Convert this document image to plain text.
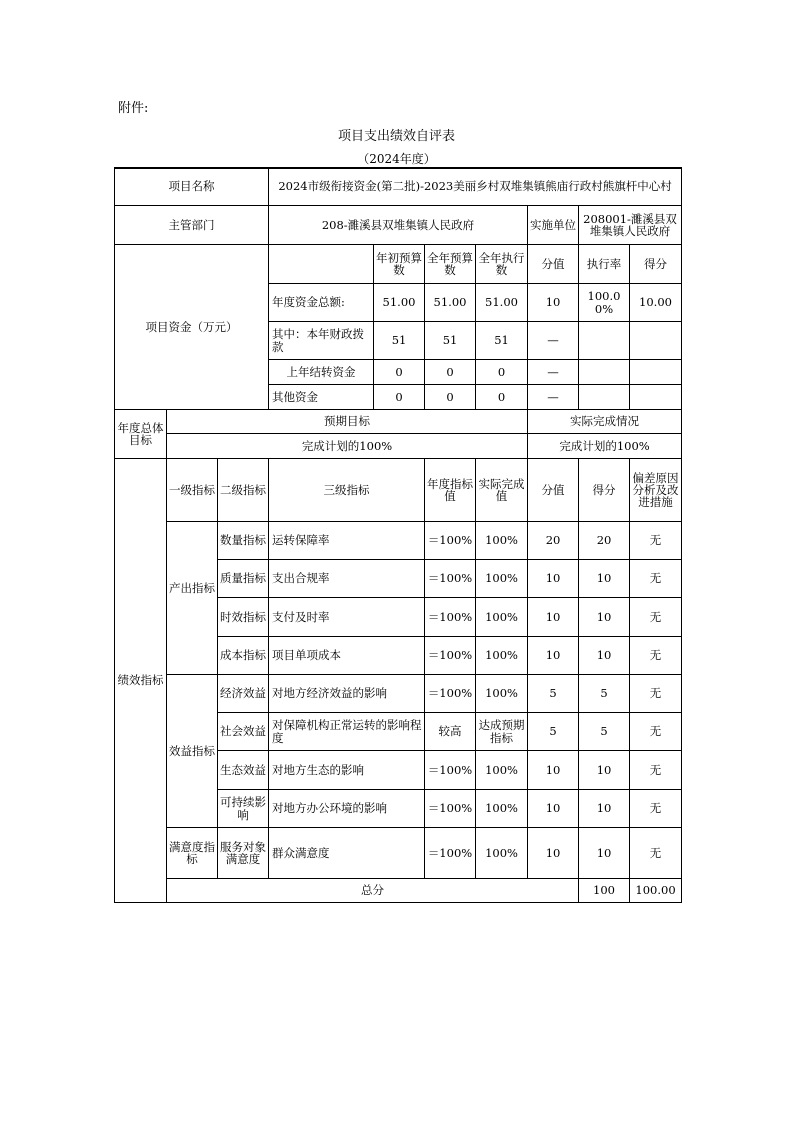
附件:
项目支出绩效自评表
（2024年度）
项目名称			2024市级衔接资金(第二批)-2023美丽乡村双堆集镇熊庙行政村熊旗杆中心村							
主管部门			208-濉溪县双堆集镇人民政府				实施单位	208001-濉溪县双堆集镇人民政府		
项目资金（万元）				年初预算数	全年预算数	全年执行数	分值	执行率	得分	
			年度资金总额:	51.00	51.00	51.00	10	100.00%	10.00	
			其中：本年财政拨款	51	51	51	—			
			上年结转资金	0	0	0	—			
			其他资金	0	0	0	—			
年度总体目标	预期目标						实际完成情况			
	完成计划的100%						完成计划的100%			
绩效指标	一级指标	二级指标	三级指标		年度指标值	实际完成值	分值	得分	偏差原因分析及改进措施	
	产出指标	数量指标	运转保障率		＝100%	100%	20	20	无	
		质量指标	支出合规率		＝100%	100%	10	10	无	
		时效指标	支付及时率		＝100%	100%	10	10	无	
		成本指标	项目单项成本		＝100%	100%	10	10	无	
	效益指标	经济效益	对地方经济效益的影响		＝100%	100%	5	5	无	
		社会效益	对保障机构正常运转的影响程度		较高	达成预期指标	5	5	无	
		生态效益	对地方生态的影响		＝100%	100%	10	10	无	
		可持续影响	对地方办公环境的影响		＝100%	100%	10	10	无	
	满意度指标	服务对象满意度	群众满意度		＝100%	100%	10	10	无	
	总分							100	100.00	
